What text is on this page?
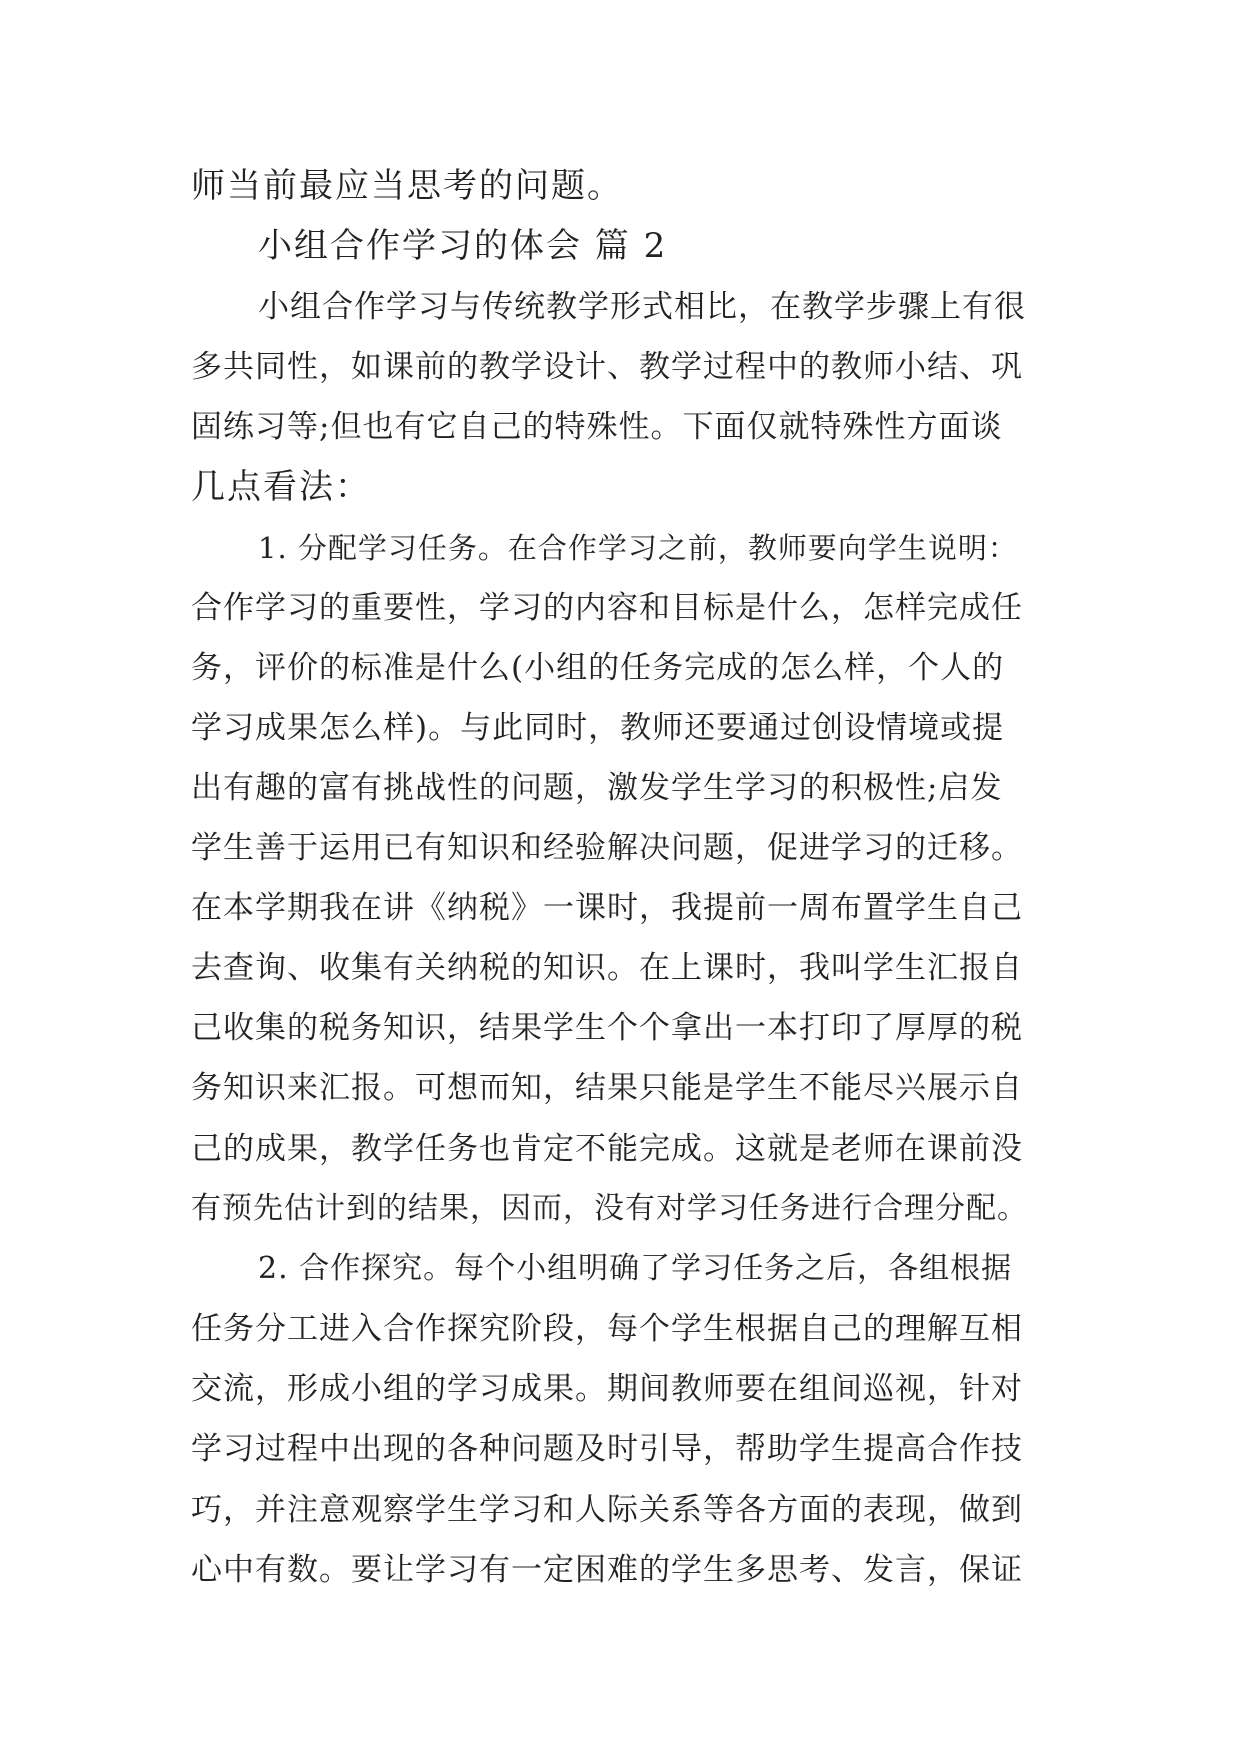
师当前最应当思考的问题。
小组合作学习的体会 篇 2
小组合作学习与传统教学形式相比，在教学步骤上有很
多共同性，如课前的教学设计、教学过程中的教师小结、巩
固练习等;但也有它自己的特殊性。下面仅就特殊性方面谈
几点看法：
1. 分配学习任务。在合作学习之前，教师要向学生说明：
合作学习的重要性，学习的内容和目标是什么，怎样完成任
务，评价的标准是什么(小组的任务完成的怎么样，个人的
学习成果怎么样)。与此同时，教师还要通过创设情境或提
出有趣的富有挑战性的问题，激发学生学习的积极性;启发
学生善于运用已有知识和经验解决问题，促进学习的迁移。
在本学期我在讲《纳税》一课时，我提前一周布置学生自己
去查询、收集有关纳税的知识。在上课时，我叫学生汇报自
己收集的税务知识，结果学生个个拿出一本打印了厚厚的税
务知识来汇报。可想而知，结果只能是学生不能尽兴展示自
己的成果，教学任务也肯定不能完成。这就是老师在课前没
有预先估计到的结果，因而，没有对学习任务进行合理分配。
2. 合作探究。每个小组明确了学习任务之后，各组根据
任务分工进入合作探究阶段，每个学生根据自己的理解互相
交流，形成小组的学习成果。期间教师要在组间巡视，针对
学习过程中出现的各种问题及时引导，帮助学生提高合作技
巧，并注意观察学生学习和人际关系等各方面的表现，做到
心中有数。要让学习有一定困难的学生多思考、发言，保证
